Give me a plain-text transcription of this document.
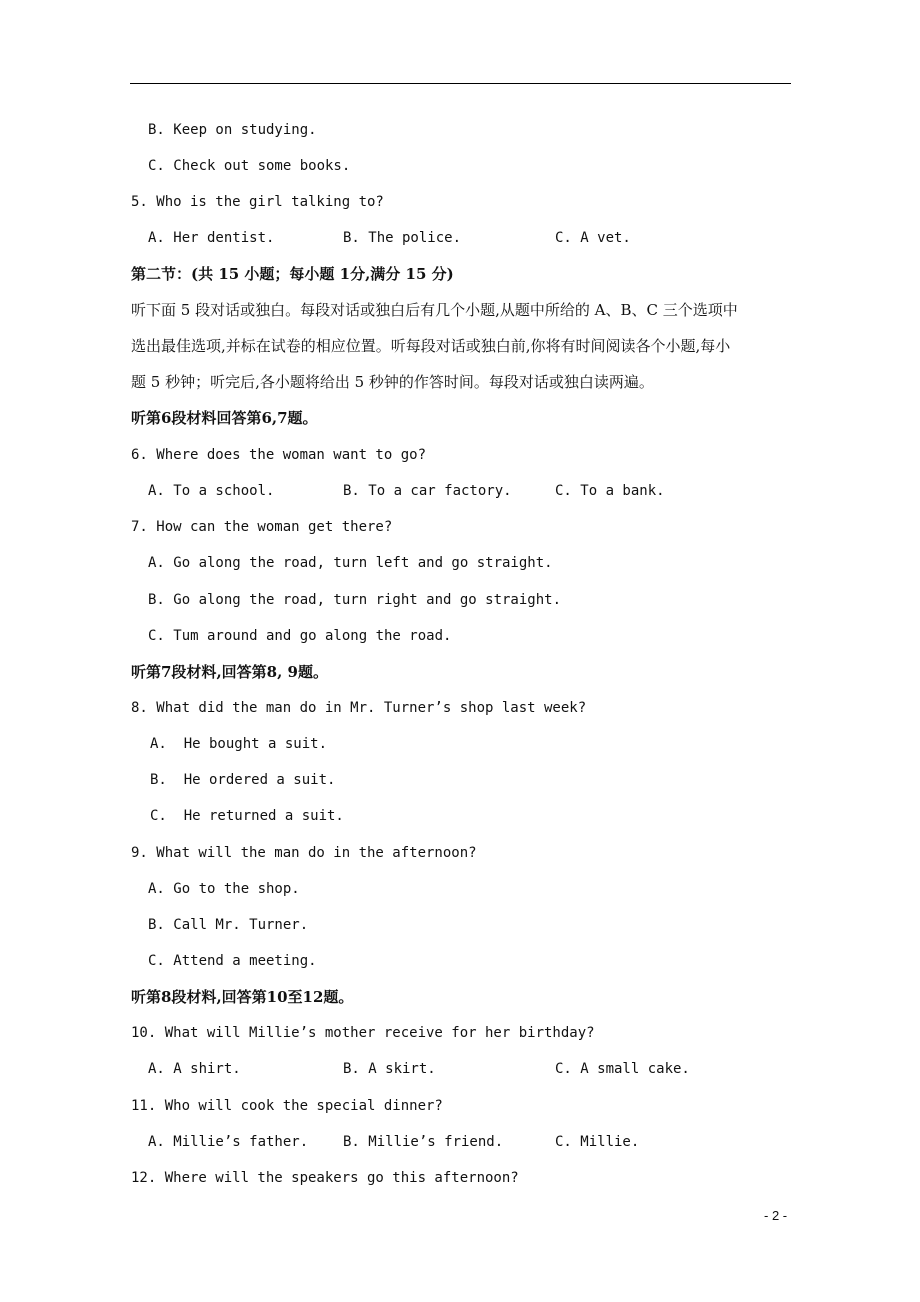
B. Keep on studying.
C. Check out some books.
5. Who is the girl talking to?
A. Her dentist.	B. The police.	C. A vet.
第二节：(共 15 小题；每小题 1分,满分 15 分)
听下面 5 段对话或独白。每段对话或独白后有几个小题,从题中所给的 A、B、C 三个选项中
选出最佳选项,并标在试卷的相应位置。听每段对话或独白前,你将有时间阅读各个小题,每小
题 5 秒钟；听完后,各小题将给出 5 秒钟的作答时间。每段对话或独白读两遍。
听第6段材料回答第6,7题。
6. Where does the woman want to go?
A. To a school.	B. To a car factory.	C. To a bank.
7. How can the woman get there?
A. Go along the road, turn left and go straight.
B. Go along the road, turn right and go straight.
C. Tum around and go along the road.
听第7段材料,回答第8, 9题。
8. What did the man do in Mr. Turner’s shop last week?
A.  He bought a suit.
B.  He ordered a suit.
C.  He returned a suit.
9. What will the man do in the afternoon?
A. Go to the shop.
B. Call Mr. Turner.
C. Attend a meeting.
听第8段材料,回答第10至12题。
10. What will Millie’s mother receive for her birthday?
A. A shirt.	B. A skirt.	C. A small cake.
11. Who will cook the special dinner?
A. Millie’s father. B. Millie’s friend.	C. Millie.
12. Where will the speakers go this afternoon?
- 2 -
